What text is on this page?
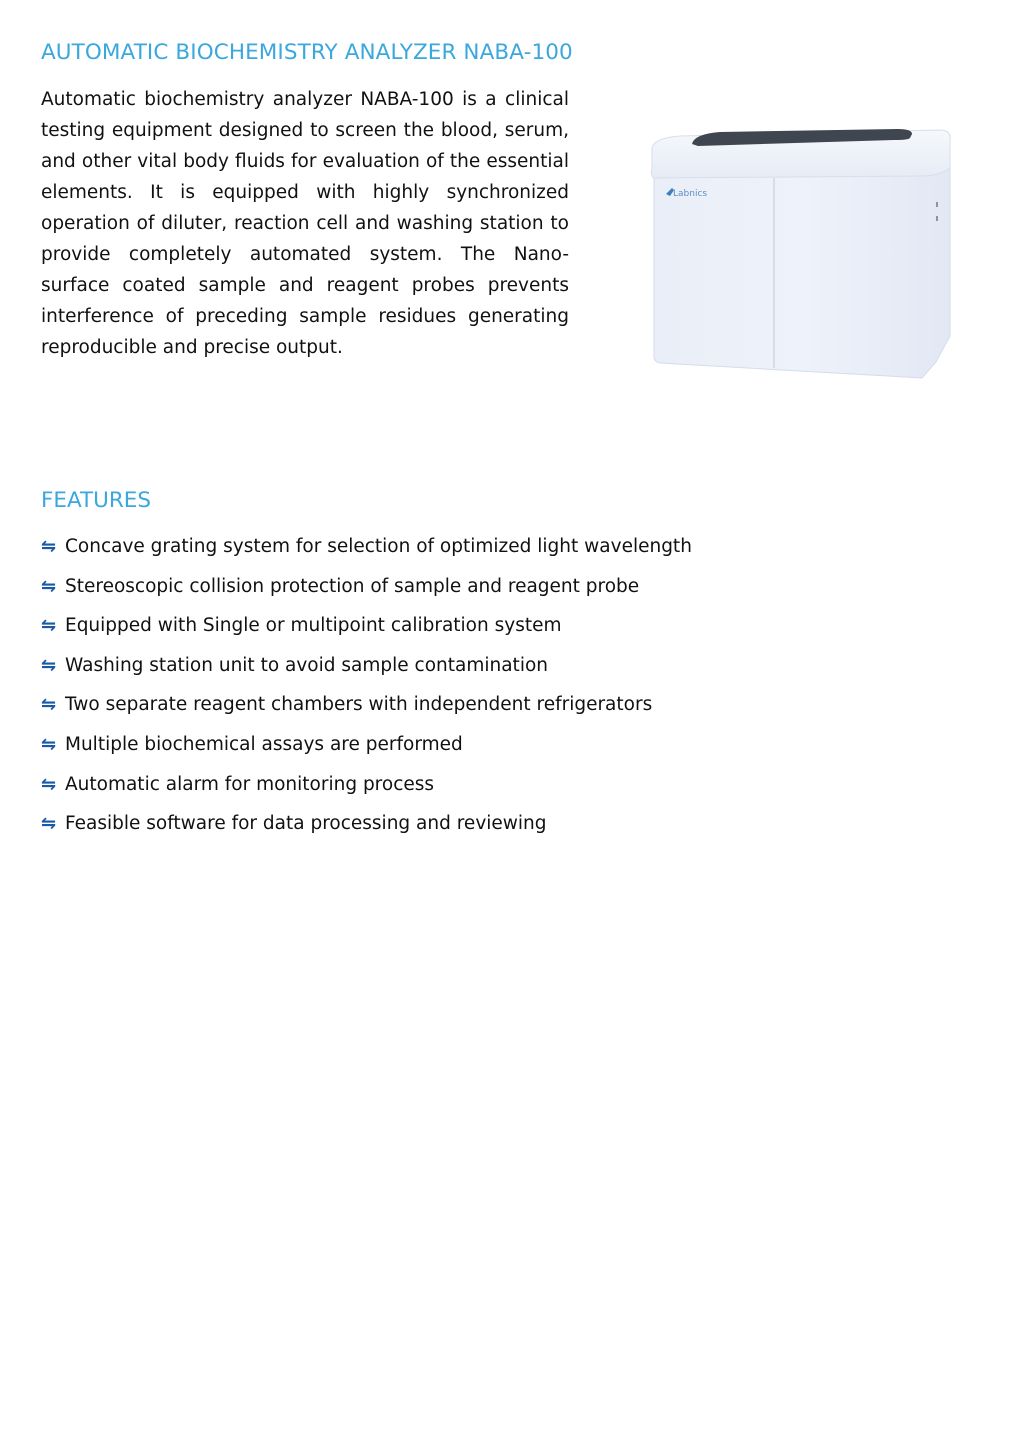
AUTOMATIC BIOCHEMISTRY ANALYZER NABA-100

Automatic biochemistry analyzer NABA-100 is a clinical testing equipment designed to screen the blood, serum, and other vital body fluids for evaluation of the essential elements. It is equipped with highly synchronized operation of diluter, reaction cell and washing station to provide completely automated system. The Nano-surface coated sample and reagent probes prevents interference of preceding sample residues generating reproducible and precise output.

Labnics
FEATURES
⇋ Concave grating system for selection of optimized light wavelength
⇋ Stereoscopic collision protection of sample and reagent probe
⇋ Equipped with Single or multipoint calibration system
⇋ Washing station unit to avoid sample contamination
⇋ Two separate reagent chambers with independent refrigerators
⇋ Multiple biochemical assays are performed
⇋ Automatic alarm for monitoring process
⇋ Feasible software for data processing and reviewing
